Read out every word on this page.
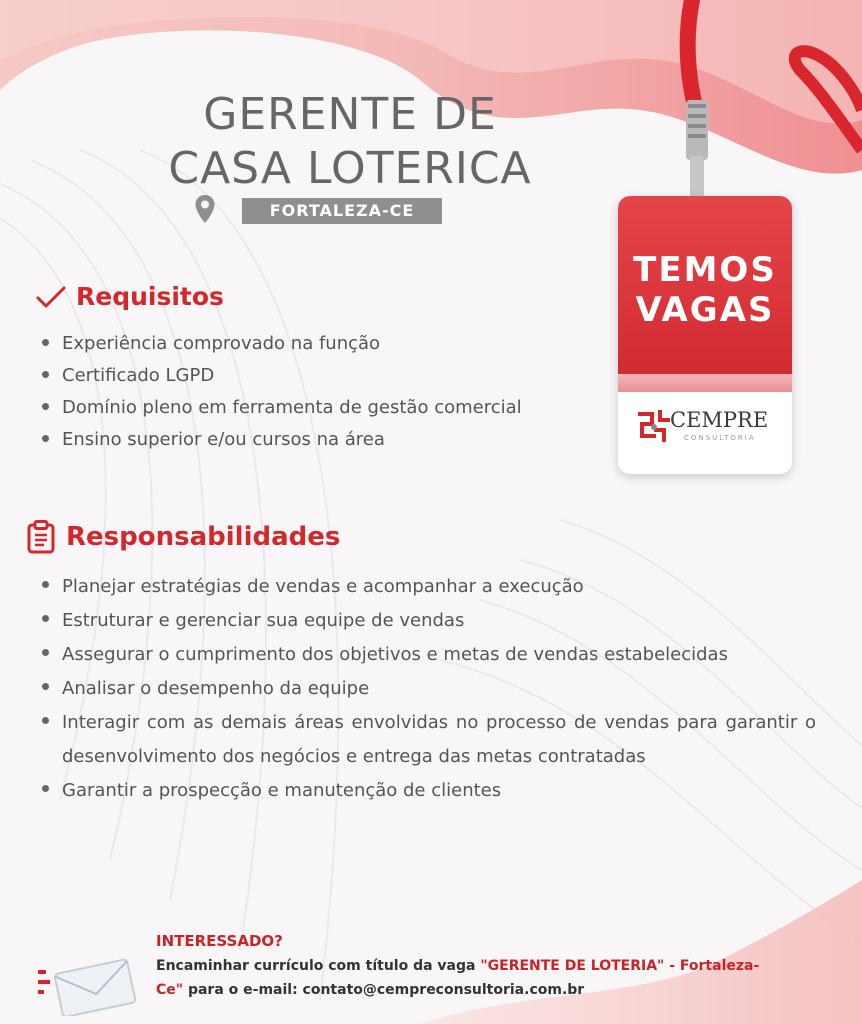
GERENTE DE
CASA LOTERICA
FORTALEZA-CE
TEMOS
VAGAS
CEMPRE
CONSULTORIA
Requisitos
Experiência comprovado na função
Certificado LGPD
Domínio pleno em ferramenta de gestão comercial
Ensino superior e/ou cursos na área
Responsabilidades
Planejar estratégias de vendas e acompanhar a execução
Estruturar e gerenciar sua equipe de vendas
Assegurar o cumprimento dos objetivos e metas de vendas estabelecidas
Analisar o desempenho da equipe
Interagir com as demais áreas envolvidas no processo de vendas para garantir o desenvolvimento dos negócios e entrega das metas contratadas
Garantir a prospecção e manutenção de clientes
INTERESSADO?
Encaminhar currículo com título da vaga "GERENTE DE LOTERIA" - Fortaleza-Ce" para o e-mail: contato@cempreconsultoria.com.br
